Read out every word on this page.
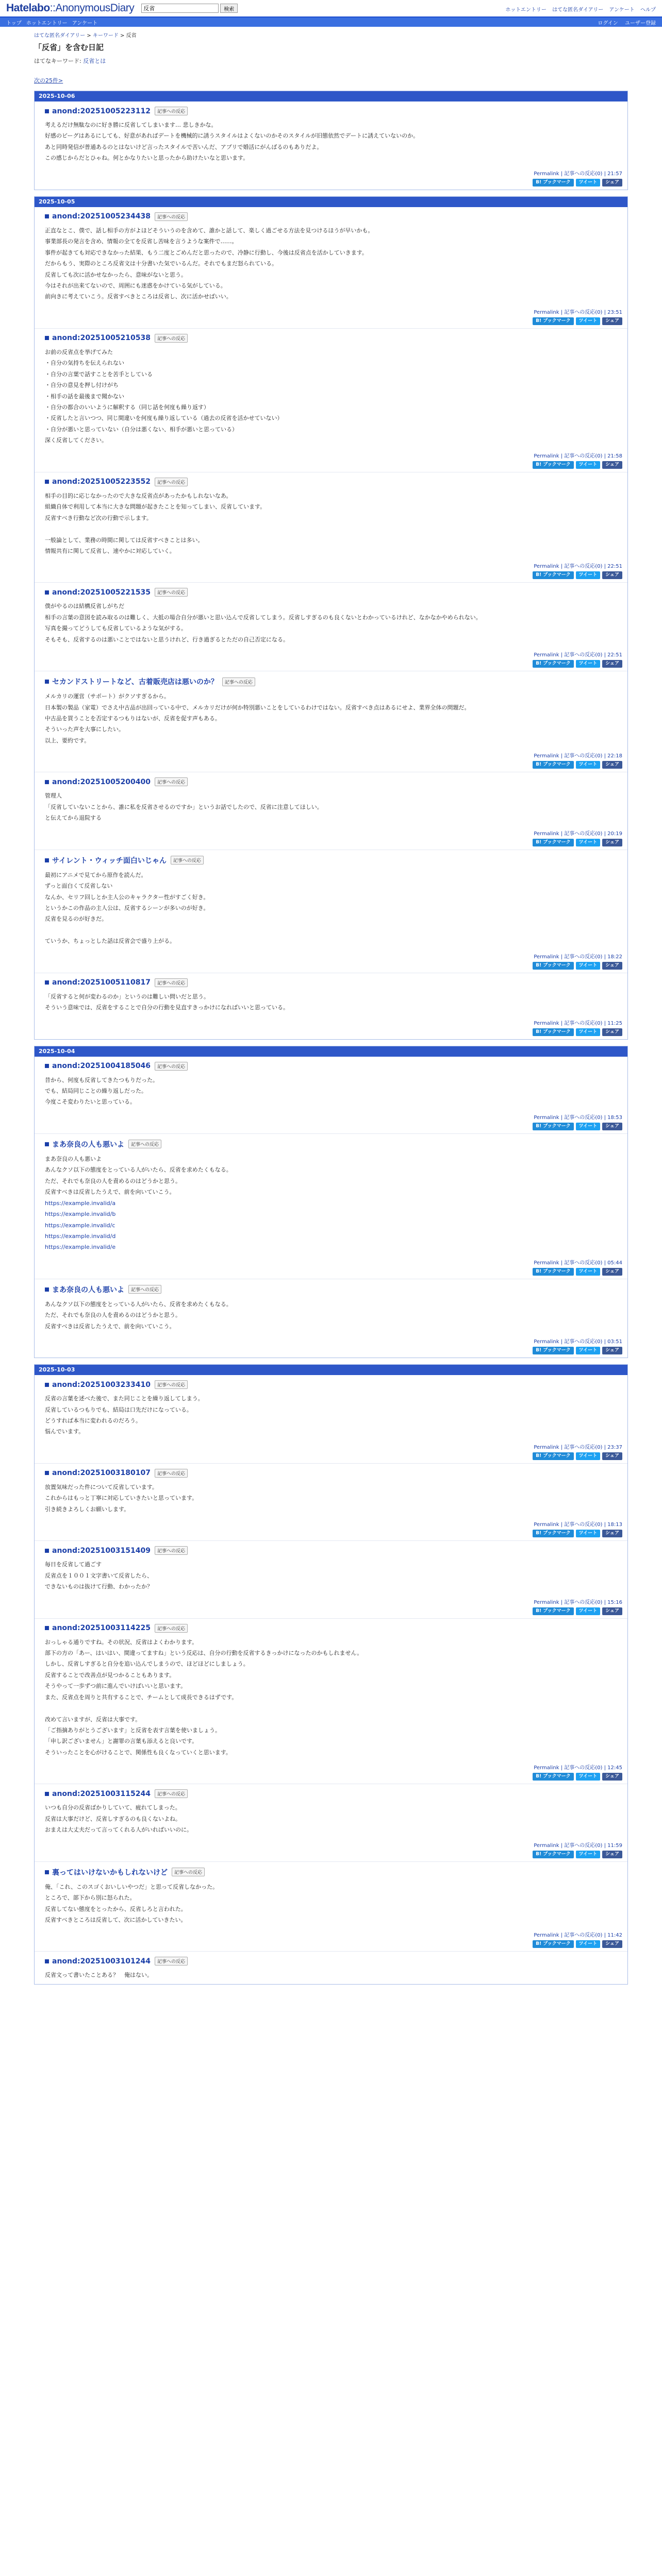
Hatelabo::AnonymousDiary
反省	検索	ホットエントリー はてな匿名ダイアリー アンケート ヘルプ
トップ ホットエントリー アンケート	ログイン ユーザー登録
はてな匿名ダイアリー > キーワード > 反省
「反省」を含む日記
はてなキーワード: 反省とは
次の25件>
2025-10-06
anond:20251005223112	記事への反応

考えるだけ無駄なのに好き勝に反省してしまいます… 悲しきかな。

好感のビーグはあるにしても、好意があればデートを機械的に誘うスタイルはよくないのかそのスタイルが旧態依然でデートに誘えていないのか。

あと同時発信が普通あるのとはないけど言ったスタイルで苦いんだ、アプリで婚活にがんばるのもありだよ。

この感じからだとひゃね。何とかなりたいと思ったから助けたいなと思います。

Permalink | 記事への反応(0) | 21:57
B! ブックマーク	ツイート	シェア
2025-10-05
anond:20251005234438	記事への反応

正直なとこ、僕で、話し相手の方がよほどそういうのを含めて、誰かと話して、楽しく過ごせる方法を見つけるほうが早いかも。

事業部長の発言を含め、情報の全てを反省し苦味を言うような案件で……。

事件が起きても対応できなかった結果、もう二度とごめんだと思ったので、冷静に行動し、今後は反省点を活かしていきます。

だからもう、実際のところ反省文は十分書いた気でいるんだ。それでもまだ怒られている。

反省しても次に活かせなかったら、意味がないと思う。

今はそれが出来てないので、周囲にも迷惑をかけている気がしている。

前向きに考えていこう。反省すべきところは反省し、次に活かせばいい。

Permalink | 記事への反応(0) | 23:51
B! ブックマーク	ツイート	シェア
anond:20251005210538	記事への反応

お前の反省点を挙げてみた

・自分の気持ちを伝えられない

・自分の言葉で話すことを苦手としている

・自分の意見を押し付けがち

・相手の話を最後まで聞かない

・自分の都合のいいように解釈する（同じ話を何度も繰り返す）

・反省したと言いつつ、同じ間違いを何度も繰り返している（過去の反省を活かせていない）

・自分が悪いと思っていない（自分は悪くない、相手が悪いと思っている）

深く反省してください。

Permalink | 記事への反応(0) | 21:58
B! ブックマーク	ツイート	シェア
anond:20251005223552	記事への反応

相手の目的に応じなかったので大きな反省点があったかもしれないなあ。

組織自体で利用して本当に大きな問題が起きたことを知ってしまい、反省しています。

反省すべき行動など次の行動で示します。

一般論として、業務の時間に関しては反省すべきことは多い。

情報共有に関して反省し、速やかに対応していく。

Permalink | 記事への反応(0) | 22:51
B! ブックマーク	ツイート	シェア
anond:20251005221535	記事への反応

僕がやるのは結構反省しがちだ

相手の言葉の意図を読み取るのは難しく、大抵の場合自分が悪いと思い込んで反省してしまう。反省しすぎるのも良くないとわかっているけれど、なかなかやめられない。

写真を撮ってどうしても反省しているような気がする。

そもそも、反省するのは悪いことではないと思うけれど、行き過ぎるとただの自己否定になる。

Permalink | 記事への反応(0) | 22:51
B! ブックマーク	ツイート	シェア
セカンドストリートなど、古着販売店は悪いのか？	記事への反応

メルカリの運営（サポート）がクソすぎるから。

日本製の製品（家電）でさえ中古品が出回っている中で、メルカリだけが何か特別悪いことをしているわけではない。反省すべき点はあるにせよ、業界全体の問題だ。

中古品を買うことを否定するつもりはないが、反省を促す声もある。

そういった声を大事にしたい。

以上、要約です。

Permalink | 記事への反応(0) | 22:18
B! ブックマーク	ツイート	シェア
anond:20251005200400	記事への反応

管理人

「反省していないことから、誰に私を反省させるのですか」というお話でしたので、反省に注意してほしい。

と伝えてから退院する

Permalink | 記事への反応(0) | 20:19
B! ブックマーク	ツイート	シェア
サイレント・ウィッチ面白いじゃん	記事への反応

最初にアニメで見てから原作を読んだ。

ずっと面白くて反省しない

なんか、セリフ回しとか主人公のキャラクター性がすごく好き。

というかこの作品の主人公は、反省するシーンが多いのが好き。

反省を見るのが好きだ。

ていうか、ちょっとした話は反省会で盛り上がる。

Permalink | 記事への反応(0) | 18:22
B! ブックマーク	ツイート	シェア
anond:20251005110817	記事への反応

「反省すると何が変わるのか」というのは難しい問いだと思う。

そういう意味では、反省をすることで自分の行動を見直すきっかけになればいいと思っている。

Permalink | 記事への反応(0) | 11:25
B! ブックマーク	ツイート	シェア
2025-10-04
anond:20251004185046	記事への反応

昔から、何度も反省してきたつもりだった。

でも、結局同じことの繰り返しだった。

今度こそ変わりたいと思っている。

Permalink | 記事への反応(0) | 18:53
B! ブックマーク	ツイート	シェア
まあ奈良の人も悪いよ	記事への反応

まあ奈良の人も悪いよ

あんなクソ以下の態度をとっている人がいたら、反省を求めたくもなる。

ただ、それでも奈良の人を責めるのはどうかと思う。

反省すべきは反省したうえで、前を向いていこう。

https://example.invalid/a

https://example.invalid/b

https://example.invalid/c

https://example.invalid/d

https://example.invalid/e

Permalink | 記事への反応(0) | 05:44
B! ブックマーク	ツイート	シェア
まあ奈良の人も悪いよ	記事への反応

あんなクソ以下の態度をとっている人がいたら、反省を求めたくもなる。

ただ、それでも奈良の人を責めるのはどうかと思う。

反省すべきは反省したうえで、前を向いていこう。

Permalink | 記事への反応(0) | 03:51
B! ブックマーク	ツイート	シェア
2025-10-03
anond:20251003233410	記事への反応

反省の言葉を述べた後で、また同じことを繰り返してしまう。

反省しているつもりでも、結局は口先だけになっている。

どうすれば本当に変われるのだろう。

悩んでいます。

Permalink | 記事への反応(0) | 23:37
B! ブックマーク	ツイート	シェア
anond:20251003180107	記事への反応

放置気味だった件について反省しています。

これからはもっと丁寧に対応していきたいと思っています。

引き続きよろしくお願いします。

Permalink | 記事への反応(0) | 18:13
B! ブックマーク	ツイート	シェア
anond:20251003151409	記事への反応

毎日を反省して過ごす

反省点を１００１文字書いて反省したら、

できないものは抜けて行動、わかったか？

Permalink | 記事への反応(0) | 15:16
B! ブックマーク	ツイート	シェア
anond:20251003114225	記事への反応

おっしゃる通りですね。その状況、反省はよくわかります。

部下の方の「あー、はいはい、間違ってますね」という反応は、自分の行動を反省するきっかけになったのかもしれません。

しかし、反省しすぎると自分を追い込んでしまうので、ほどほどにしましょう。

反省することで改善点が見つかることもあります。

そうやって一歩ずつ前に進んでいけばいいと思います。

また、反省点を周りと共有することで、チームとして成長できるはずです。

改めて言いますが、反省は大事です。

「ご指摘ありがとうございます」と反省を表す言葉を使いましょう。

「申し訳ございません」と謝罪の言葉も添えると良いです。

そういったことを心がけることで、関係性も良くなっていくと思います。

Permalink | 記事への反応(0) | 12:45
B! ブックマーク	ツイート	シェア
anond:20251003115244	記事への反応

いつも自分の反省ばかりしていて、疲れてしまった。

反省は大事だけど、反省しすぎるのも良くないよね。

おまえは大丈夫だって言ってくれる人がいればいいのに。

Permalink | 記事への反応(0) | 11:59
B! ブックマーク	ツイート	シェア
裏ってはいけないかもしれないけど	記事への反応

俺、「これ、このスゴくおいしいやつだ」と思って反省しなかった。

ところで、部下から別に怒られた。

反省してない態度をとったから、反省しろと言われた。

反省すべきところは反省して、次に活かしていきたい。

Permalink | 記事への反応(0) | 11:42
B! ブックマーク	ツイート	シェア
anond:20251003101244	記事への反応

反省文って書いたことある？　俺はない。
